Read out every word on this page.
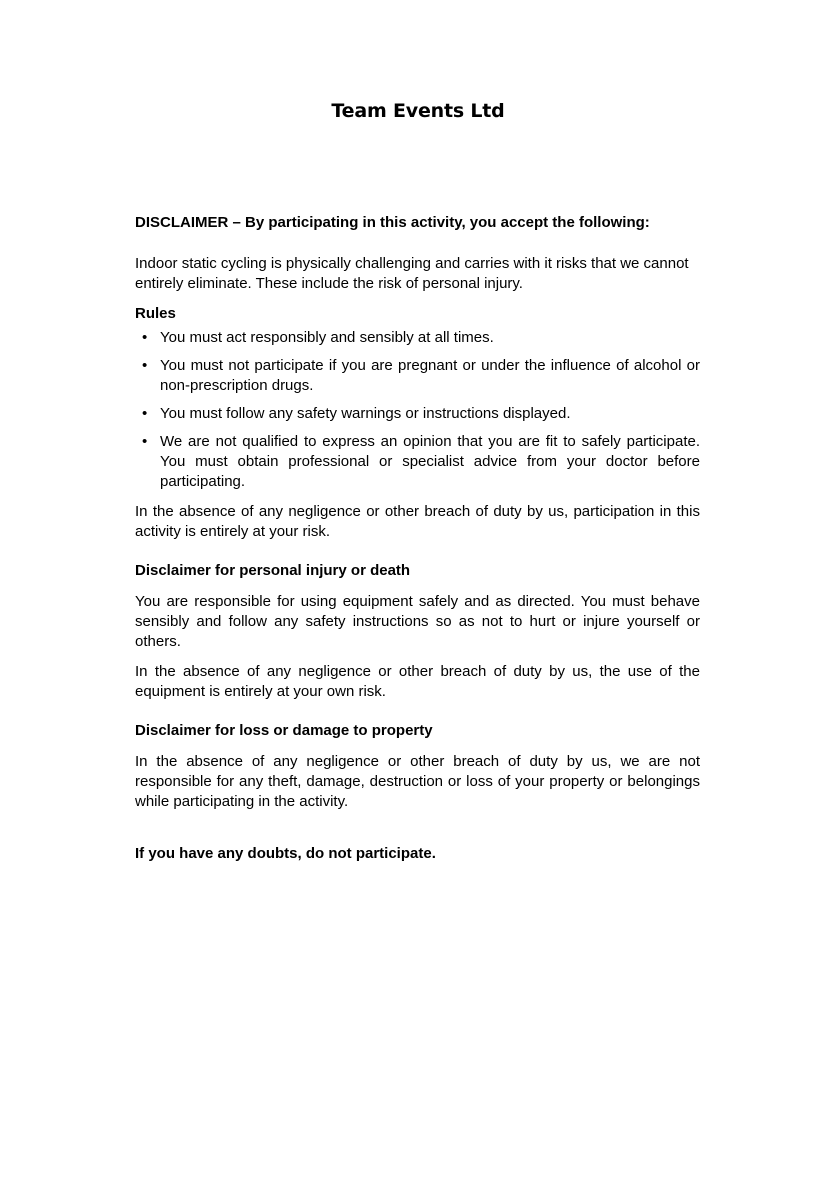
Team Events Ltd

DISCLAIMER – By participating in this activity, you accept the following:

Indoor static cycling is physically challenging and carries with it risks that we cannot entirely eliminate. These include the risk of personal injury.

Rules

• You must act responsibly and sensibly at all times.
• You must not participate if you are pregnant or under the influence of alcohol or non-prescription drugs.
• You must follow any safety warnings or instructions displayed.
• We are not qualified to express an opinion that you are fit to safely participate. You must obtain professional or specialist advice from your doctor before participating.

In the absence of any negligence or other breach of duty by us, participation in this activity is entirely at your risk.

Disclaimer for personal injury or death

You are responsible for using equipment safely and as directed. You must behave sensibly and follow any safety instructions so as not to hurt or injure yourself or others.

In the absence of any negligence or other breach of duty by us, the use of the equipment is entirely at your own risk.

Disclaimer for loss or damage to property

In the absence of any negligence or other breach of duty by us, we are not responsible for any theft, damage, destruction or loss of your property or belongings while participating in the activity.

If you have any doubts, do not participate.
